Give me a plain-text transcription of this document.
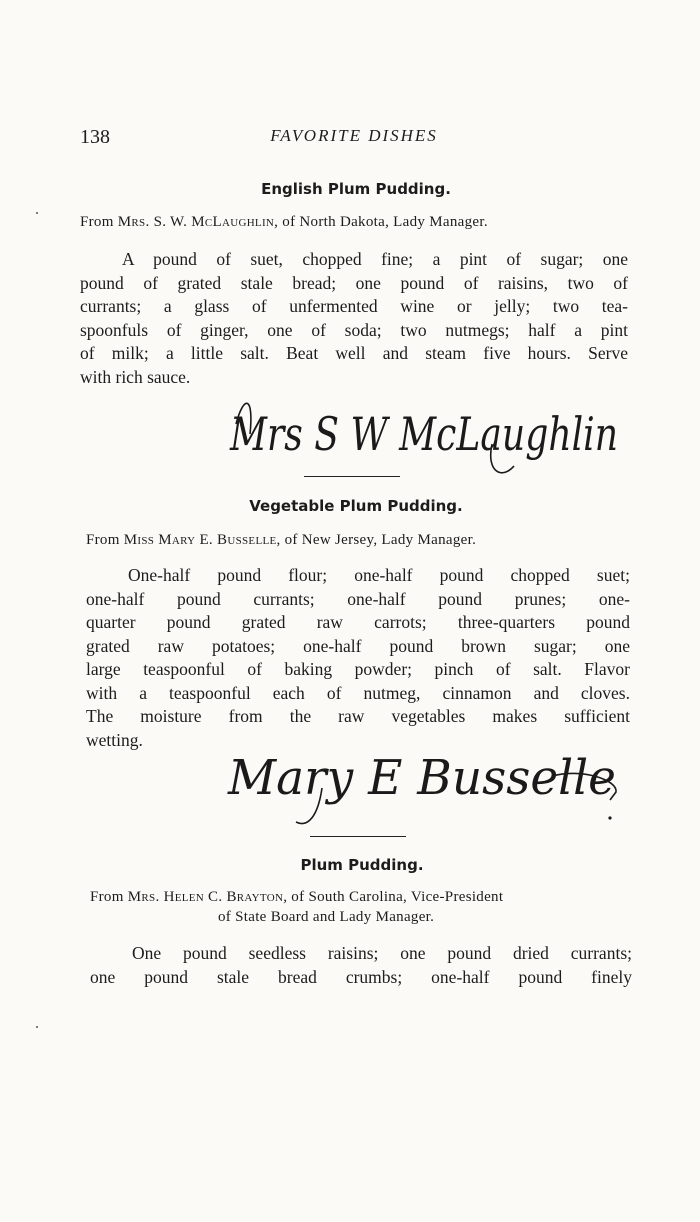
138	FAVORITE DISHES
English Plum Pudding.
From Mrs. S. W. McLaughlin, of North Dakota, Lady Manager.
A pound of suet, chopped fine; a pint of sugar; one
pound of grated stale bread; one pound of raisins, two of
currants; a glass of unfermented wine or jelly; two tea-
spoonfuls of ginger, one of soda; two nutmegs; half a pint
of milk; a little salt. Beat well and steam five hours. Serve
with rich sauce.
Mrs S W McLaughlin
Vegetable Plum Pudding.
From Miss Mary E. Busselle, of New Jersey, Lady Manager.
One-half pound flour; one-half pound chopped suet;
one-half pound currants; one-half pound prunes; one-
quarter pound grated raw carrots; three-quarters pound
grated raw potatoes; one-half pound brown sugar; one
large teaspoonful of baking powder; pinch of salt. Flavor
with a teaspoonful each of nutmeg, cinnamon and cloves.
The moisture from the raw vegetables makes sufficient
wetting.
Mary E Busselle
Plum Pudding.
From Mrs. Helen C. Brayton, of South Carolina, Vice-President
of State Board and Lady Manager.
One pound seedless raisins; one pound dried currants;
one pound stale bread crumbs; one-half pound finely
